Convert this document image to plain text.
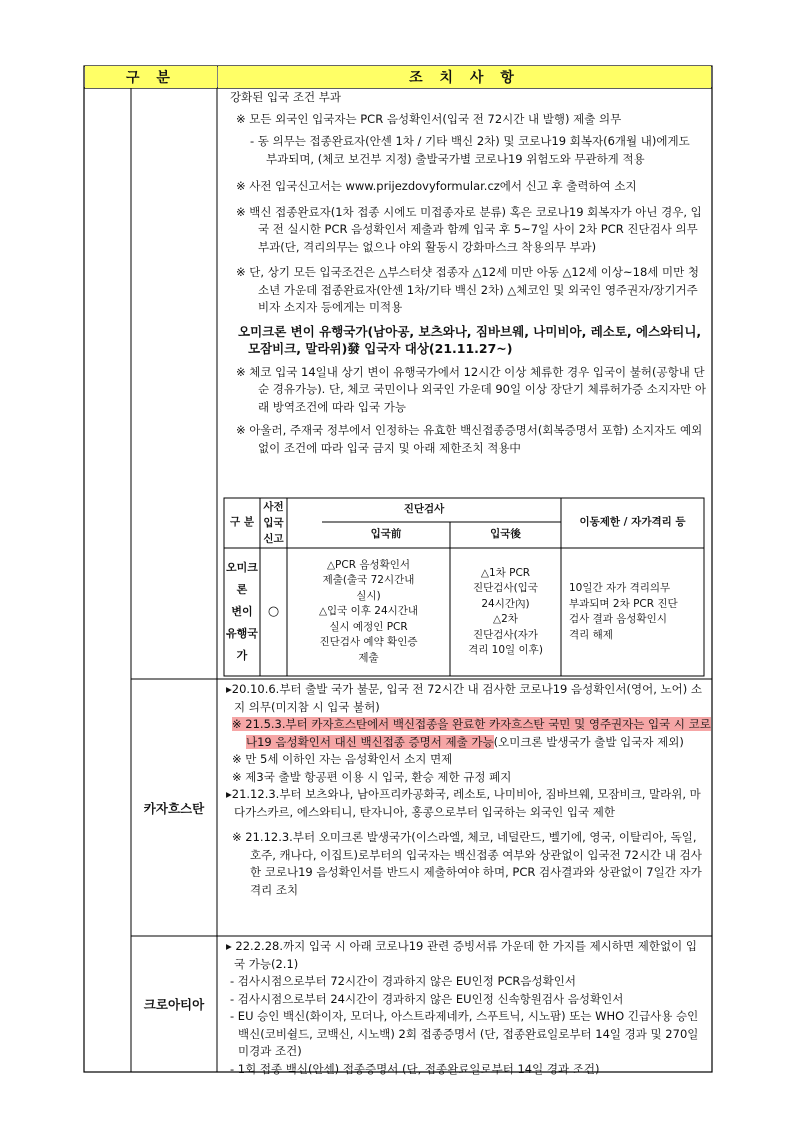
구 분	조 치 사 항
카자흐스탄
크로아티아

강화된 입국 조건 부과

※ 모든 외국인 입국자는 PCR 음성확인서(입국 전 72시간 내 발행) 제출 의무

- 동 의무는 접종완료자(안센 1차 / 기타 백신 2차) 및 코로나19 회복자(6개월 내)에게도 부과되며, (체코 보건부 지정) 출발국가별 코로나19 위험도와 무관하게 적용

※ 사전 입국신고서는 www.prijezdovyformular.cz에서 신고 후 출력하여 소지

※ 백신 접종완료자(1차 접종 시에도 미접종자로 분류) 혹은 코로나19 회복자가 아닌 경우, 입국 전 실시한 PCR 음성확인서 제출과 함께 입국 후 5~7일 사이 2차 PCR 진단검사 의무 부과(단, 격리의무는 없으나 야외 활동시 강화마스크 착용의무 부과)

※ 단, 상기 모든 입국조건은 △부스터샷 접종자 △12세 미만 아동 △12세 이상~18세 미만 청소년 가운데 접종완료자(안센 1차/기타 백신 2차) △체코인 및 외국인 영주권자/장기거주비자 소지자 등에게는 미적용

오미크론 변이 유행국가(남아공, 보츠와나, 짐바브웨, 나미비아, 레소토, 에스와티니, 모잠비크, 말라위)發 입국자 대상(21.11.27~)

※ 체코 입국 14일내 상기 변이 유행국가에서 12시간 이상 체류한 경우 입국이 불허(공항내 단순 경유가능). 단, 체코 국민이나 외국인 가운데 90일 이상 장단기 체류허가증 소지자만 아래 방역조건에 따라 입국 가능

※ 아울러, 주재국 정부에서 인정하는 유효한 백신접종증명서(회복증명서 포함) 소지자도 예외없이 조건에 따라 입국 금지 및 아래 제한조치 적용中

구 분
사전
입국
신고
진단검사
입국前	입국後
이동제한 / 자가격리 등
오미크론
변이
유행국가
○
△PCR 음성확인서
제출(출국 72시간내
실시)
△입국 이후 24시간내
실시 예정인 PCR
진단검사 예약 확인증
제출
△1차 PCR
진단검사(입국
24시간內)
△2차
진단검사(자가
격리 10일 이후)
10일간 자가 격리의무
부과되며 2차 PCR 진단
검사 결과 음성확인시
격리 해제

▸20.10.6.부터 출발 국가 불문, 입국 전 72시간 내 검사한 코로나19 음성확인서(영어, 노어) 소지 의무(미지참 시 입국 불허)

※ 21.5.3.부터 카자흐스탄에서 백신접종을 완료한 카자흐스탄 국민 및 영주권자는 입국 시 코로나19 음성확인서 대신 백신접종 증명서 제출 가능(오미크론 발생국가 출발 입국자 제외)

※ 만 5세 이하인 자는 음성확인서 소지 면제

※ 제3국 출발 항공편 이용 시 입국, 환승 제한 규정 폐지

▸21.12.3.부터 보츠와나, 남아프리카공화국, 레소토, 나미비아, 짐바브웨, 모잠비크, 말라위, 마다가스카르, 에스와티니, 탄자니아, 홍콩으로부터 입국하는 외국인 입국 제한

※ 21.12.3.부터 오미크론 발생국가(이스라엘, 체코, 네덜란드, 벨기에, 영국, 이탈리아, 독일, 호주, 캐나다, 이집트)로부터의 입국자는 백신접종 여부와 상관없이 입국전 72시간 내 검사한 코로나19 음성확인서를 반드시 제출하여야 하며, PCR 검사결과와 상관없이 7일간 자가격리 조치

▸ 22.2.28.까지 입국 시 아래 코로나19 관련 증빙서류 가운데 한 가지를 제시하면 제한없이 입국 가능(2.1)

- 검사시점으로부터 72시간이 경과하지 않은 EU인정 PCR음성확인서

- 검사시점으로부터 24시간이 경과하지 않은 EU인정 신속항원검사 음성확인서

- EU 승인 백신(화이자, 모더나, 아스트라제네카, 스푸트닉, 시노팜) 또는 WHO 긴급사용 승인 백신(코비쉴드, 코백신, 시노백) 2회 접종증명서 (단, 접종완료일로부터 14일 경과 및 270일 미경과 조건)

- 1회 접종 백신(안센) 접종증명서 (단, 접종완료일로부터 14일 경과 조건)
